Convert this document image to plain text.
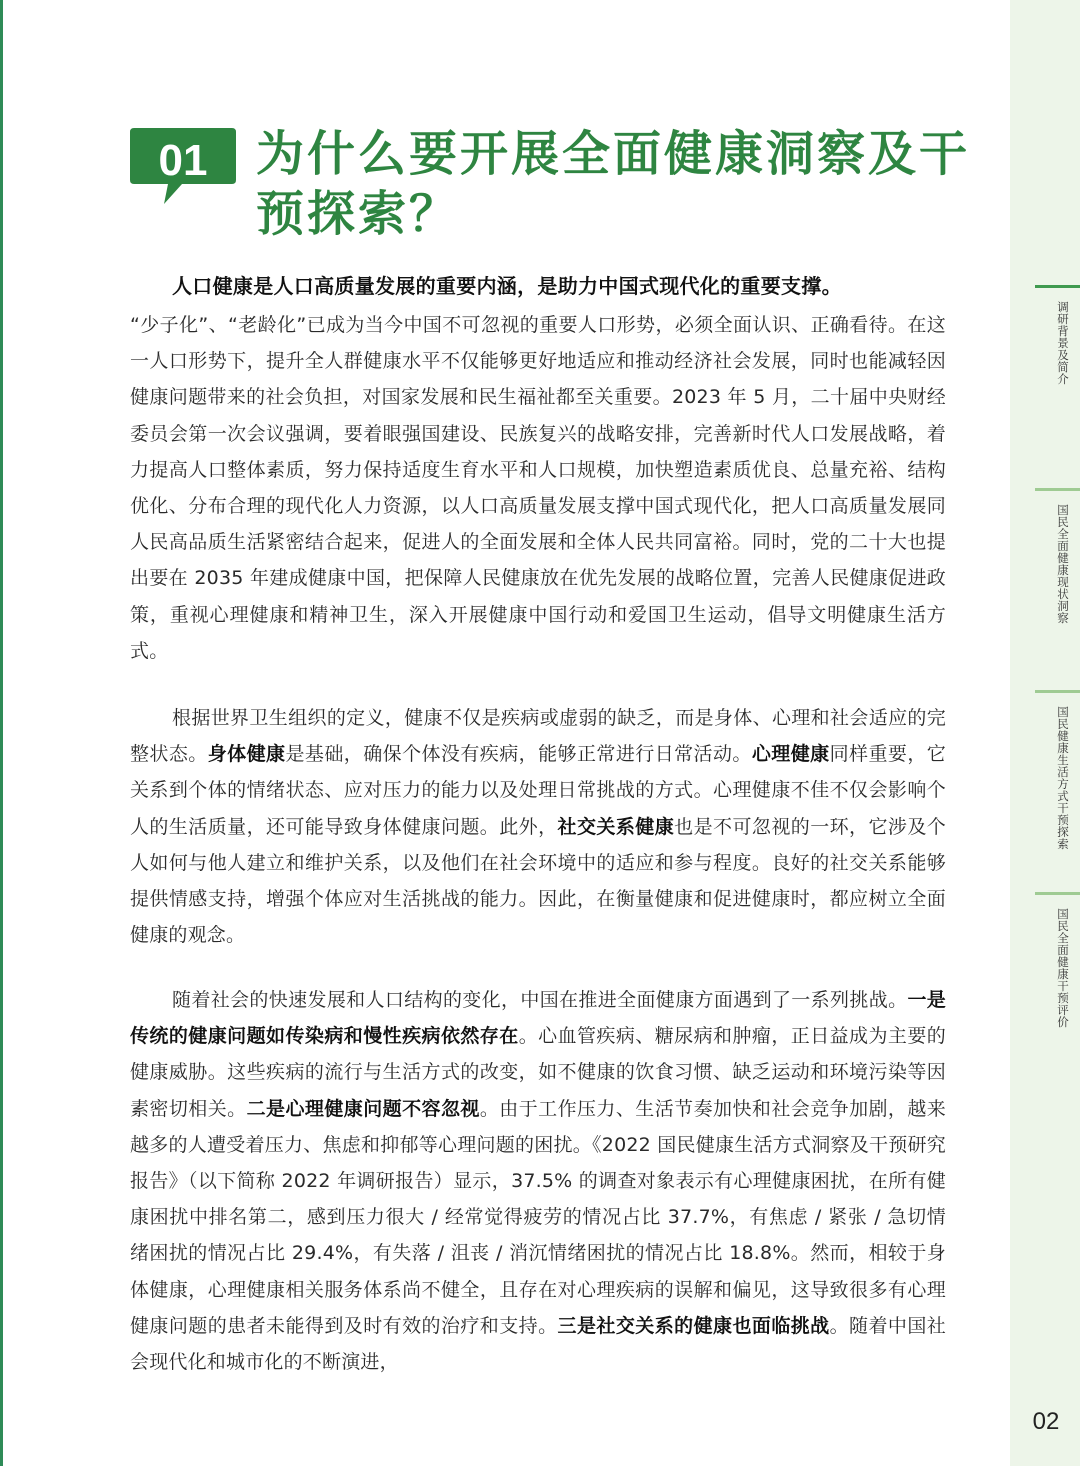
01	为什么要开展全面健康洞察及干预探索？

人口健康是人口高质量发展的重要内涵，是助力中国式现代化的重要支撑。

“少子化”、“老龄化”已成为当今中国不可忽视的重要人口形势，必须全面认识、正确看待。在这一人口形势下，提升全人群健康水平不仅能够更好地适应和推动经济社会发展，同时也能减轻因健康问题带来的社会负担，对国家发展和民生福祉都至关重要。2023 年 5 月，二十届中央财经委员会第一次会议强调，要着眼强国建设、民族复兴的战略安排，完善新时代人口发展战略，着力提高人口整体素质，努力保持适度生育水平和人口规模，加快塑造素质优良、总量充裕、结构优化、分布合理的现代化人力资源，以人口高质量发展支撑中国式现代化，把人口高质量发展同人民高品质生活紧密结合起来，促进人的全面发展和全体人民共同富裕。同时，党的二十大也提出要在 2035 年建成健康中国，把保障人民健康放在优先发展的战略位置，完善人民健康促进政策，重视心理健康和精神卫生，深入开展健康中国行动和爱国卫生运动，倡导文明健康生活方式。

根据世界卫生组织的定义，健康不仅是疾病或虚弱的缺乏，而是身体、心理和社会适应的完整状态。身体健康是基础，确保个体没有疾病，能够正常进行日常活动。心理健康同样重要，它关系到个体的情绪状态、应对压力的能力以及处理日常挑战的方式。心理健康不佳不仅会影响个人的生活质量，还可能导致身体健康问题。此外，社交关系健康也是不可忽视的一环，它涉及个人如何与他人建立和维护关系，以及他们在社会环境中的适应和参与程度。良好的社交关系能够提供情感支持，增强个体应对生活挑战的能力。因此，在衡量健康和促进健康时，都应树立全面健康的观念。

随着社会的快速发展和人口结构的变化，中国在推进全面健康方面遇到了一系列挑战。一是传统的健康问题如传染病和慢性疾病依然存在。心血管疾病、糖尿病和肿瘤，正日益成为主要的健康威胁。这些疾病的流行与生活方式的改变，如不健康的饮食习惯、缺乏运动和环境污染等因素密切相关。二是心理健康问题不容忽视。由于工作压力、生活节奏加快和社会竞争加剧，越来越多的人遭受着压力、焦虑和抑郁等心理问题的困扰。《2022 国民健康生活方式洞察及干预研究报告》（以下简称 2022 年调研报告）显示，37.5% 的调查对象表示有心理健康困扰，在所有健康困扰中排名第二，感到压力很大 / 经常觉得疲劳的情况占比 37.7%，有焦虑 / 紧张 / 急切情绪困扰的情况占比 29.4%，有失落 / 沮丧 / 消沉情绪困扰的情况占比 18.8%。然而，相较于身体健康，心理健康相关服务体系尚不健全，且存在对心理疾病的误解和偏见，这导致很多有心理健康问题的患者未能得到及时有效的治疗和支持。三是社交关系的健康也面临挑战。随着中国社会现代化和城市化的不断演进，

调研背景及简介
国民全面健康现状洞察
国民健康生活方式干预探索
国民全面健康干预评价
02
